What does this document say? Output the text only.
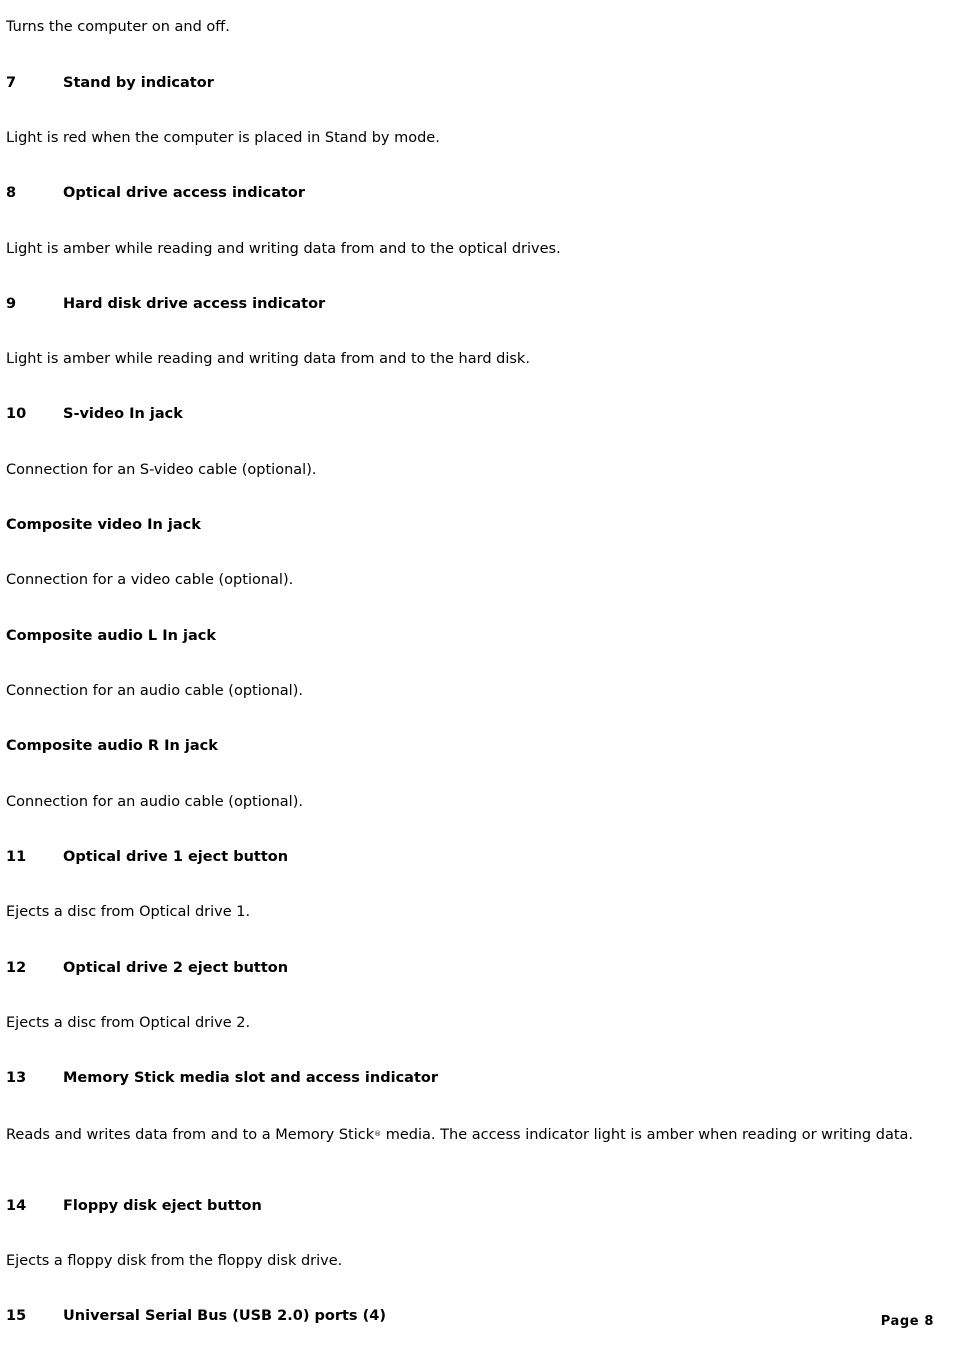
Turns the computer on and off.
7	Stand by indicator
Light is red when the computer is placed in Stand by mode.
8	Optical drive access indicator
Light is amber while reading and writing data from and to the optical drives.
9	Hard disk drive access indicator
Light is amber while reading and writing data from and to the hard disk.
10	S-video In jack
Connection for an S-video cable (optional).
Composite video In jack
Connection for a video cable (optional).
Composite audio L In jack
Connection for an audio cable (optional).
Composite audio R In jack
Connection for an audio cable (optional).
11	Optical drive 1 eject button
Ejects a disc from Optical drive 1.
12	Optical drive 2 eject button
Ejects a disc from Optical drive 2.
13	Memory Stick media slot and access indicator
Reads and writes data from and to a Memory Stick® media. The access indicator light is amber when reading or writing data.
14	Floppy disk eject button
Ejects a floppy disk from the floppy disk drive.
15	Universal Serial Bus (USB 2.0) ports (4)	Page 8
